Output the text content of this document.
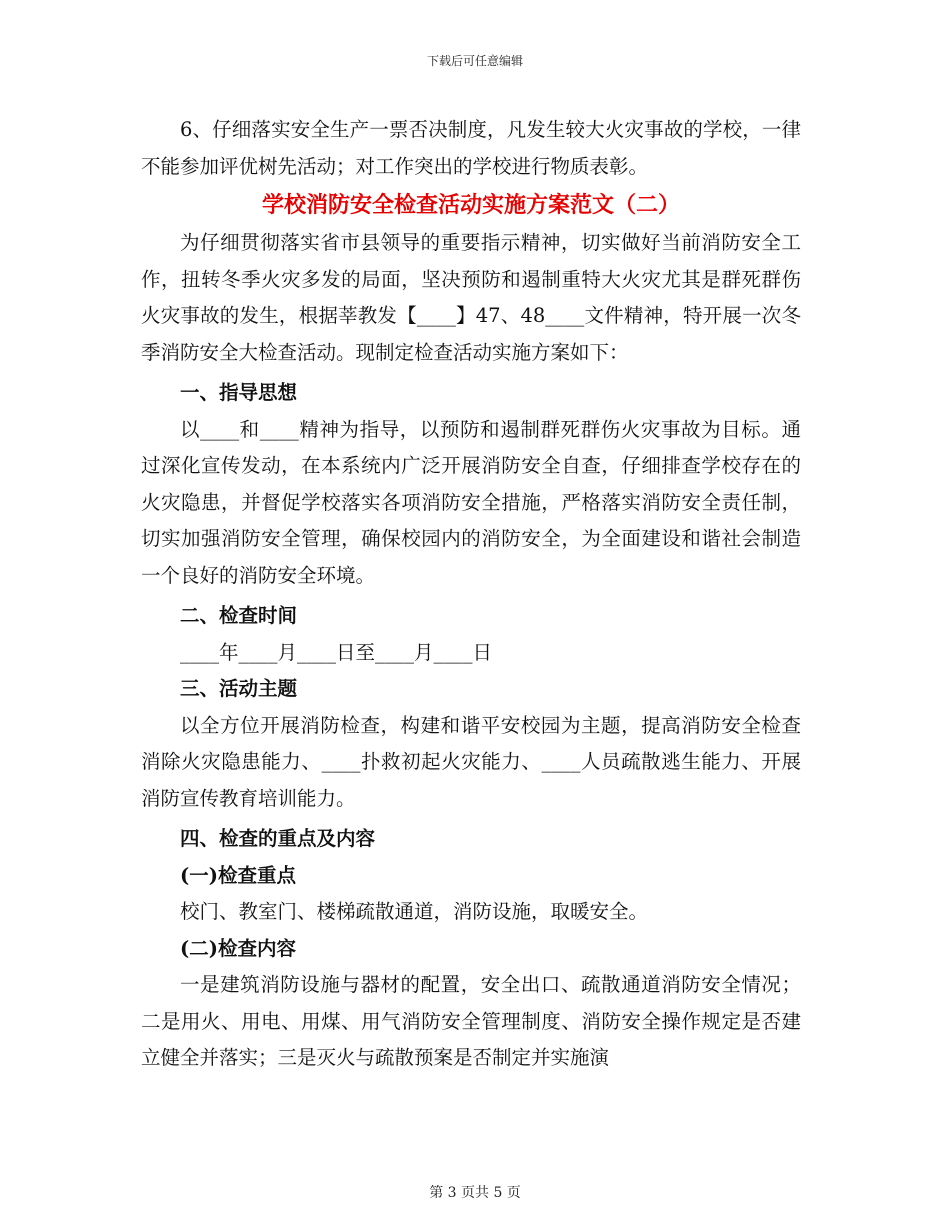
下载后可任意编辑

6、仔细落实安全生产一票否决制度，凡发生较大火灾事故的学校，一律不能参加评优树先活动；对工作突出的学校进行物质表彰。

学校消防安全检查活动实施方案范文（二）

为仔细贯彻落实省市县领导的重要指示精神，切实做好当前消防安全工作，扭转冬季火灾多发的局面，坚决预防和遏制重特大火灾尤其是群死群伤火灾事故的发生，根据莘教发【____】47、48____文件精神，特开展一次冬季消防安全大检查活动。现制定检查活动实施方案如下：

一、指导思想

以____和____精神为指导，以预防和遏制群死群伤火灾事故为目标。通过深化宣传发动，在本系统内广泛开展消防安全自查，仔细排查学校存在的火灾隐患，并督促学校落实各项消防安全措施，严格落实消防安全责任制，切实加强消防安全管理，确保校园内的消防安全，为全面建设和谐社会制造一个良好的消防安全环境。

二、检查时间

____年____月____日至____月____日

三、活动主题

以全方位开展消防检查，构建和谐平安校园为主题，提高消防安全检查消除火灾隐患能力、____扑救初起火灾能力、____人员疏散逃生能力、开展消防宣传教育培训能力。

四、检查的重点及内容
(一)检查重点

校门、教室门、楼梯疏散通道，消防设施，取暖安全。

(二)检查内容

一是建筑消防设施与器材的配置，安全出口、疏散通道消防安全情况；二是用火、用电、用煤、用气消防安全管理制度、消防安全操作规定是否建立健全并落实；三是灭火与疏散预案是否制定并实施演

第 3 页共 5 页
